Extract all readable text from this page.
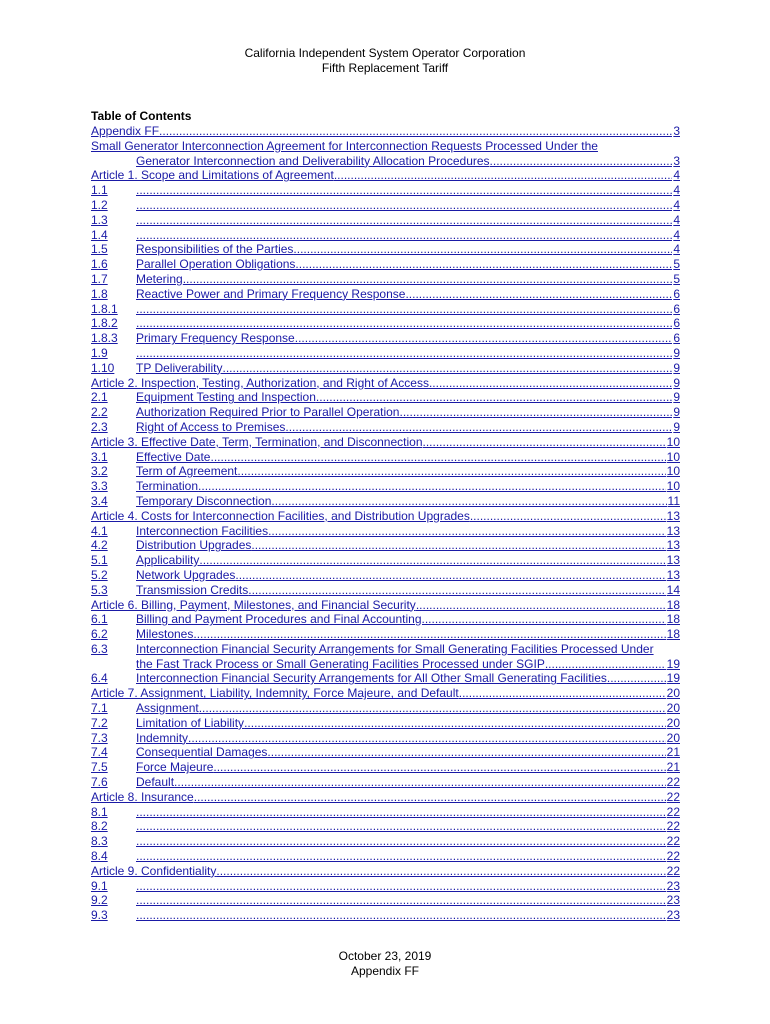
California Independent System Operator Corporation
Fifth Replacement Tariff
Table of Contents
Appendix FF .....	3
Small Generator Interconnection Agreement for Interconnection Requests Processed Under the
Generator Interconnection and Deliverability Allocation Procedures .....	3
Article 1. Scope and Limitations of Agreement .....	4
1.1 .....	4
1.2 .....	4
1.3 .....	4
1.4 .....	4
1.5	Responsibilities of the Parties .....	4
1.6	Parallel Operation Obligations .....	5
1.7	Metering .....	5
1.8	Reactive Power and Primary Frequency Response .....	6
1.8.1 .....	6
1.8.2 .....	6
1.8.3	Primary Frequency Response. .....	6
1.9 .....	9
1.10	TP Deliverability .....	9
Article 2. Inspection, Testing, Authorization, and Right of Access .....	9
2.1	Equipment Testing and Inspection .....	9
2.2	Authorization Required Prior to Parallel Operation .....	9
2.3	Right of Access to Premises .....	9
Article 3. Effective Date, Term, Termination, and Disconnection .....	10
3.1	Effective Date .....	10
3.2	Term of Agreement .....	10
3.3	Termination .....	10
3.4	Temporary Disconnection .....	11
Article 4. Costs for Interconnection Facilities, and Distribution Upgrades .....	13
4.1	Interconnection Facilities .....	13
4.2	Distribution Upgrades .....	13
5.1	Applicability .....	13
5.2	Network Upgrades .....	13
5.3	Transmission Credits .....	14
Article 6. Billing, Payment, Milestones, and Financial Security .....	18
6.1	Billing and Payment Procedures and Final Accounting .....	18
6.2	Milestones .....	18
6.3	Interconnection Financial Security Arrangements for Small Generating Facilities Processed Under
the Fast Track Process or Small Generating Facilities Processed under SGIP .....	19
6.4	Interconnection Financial Security Arrangements for All Other Small Generating Facilities .....	19
Article 7. Assignment, Liability, Indemnity, Force Majeure, and Default .....	20
7.1	Assignment .....	20
7.2	Limitation of Liability .....	20
7.3	Indemnity .....	20
7.4	Consequential Damages .....	21
7.5	Force Majeure .....	21
7.6	Default .....	22
Article 8. Insurance .....	22
8.1 .....	22
8.2 .....	22
8.3 .....	22
8.4 .....	22
Article 9. Confidentiality .....	22
9.1 .....	23
9.2 .....	23
9.3 .....	23
October 23, 2019
Appendix FF
